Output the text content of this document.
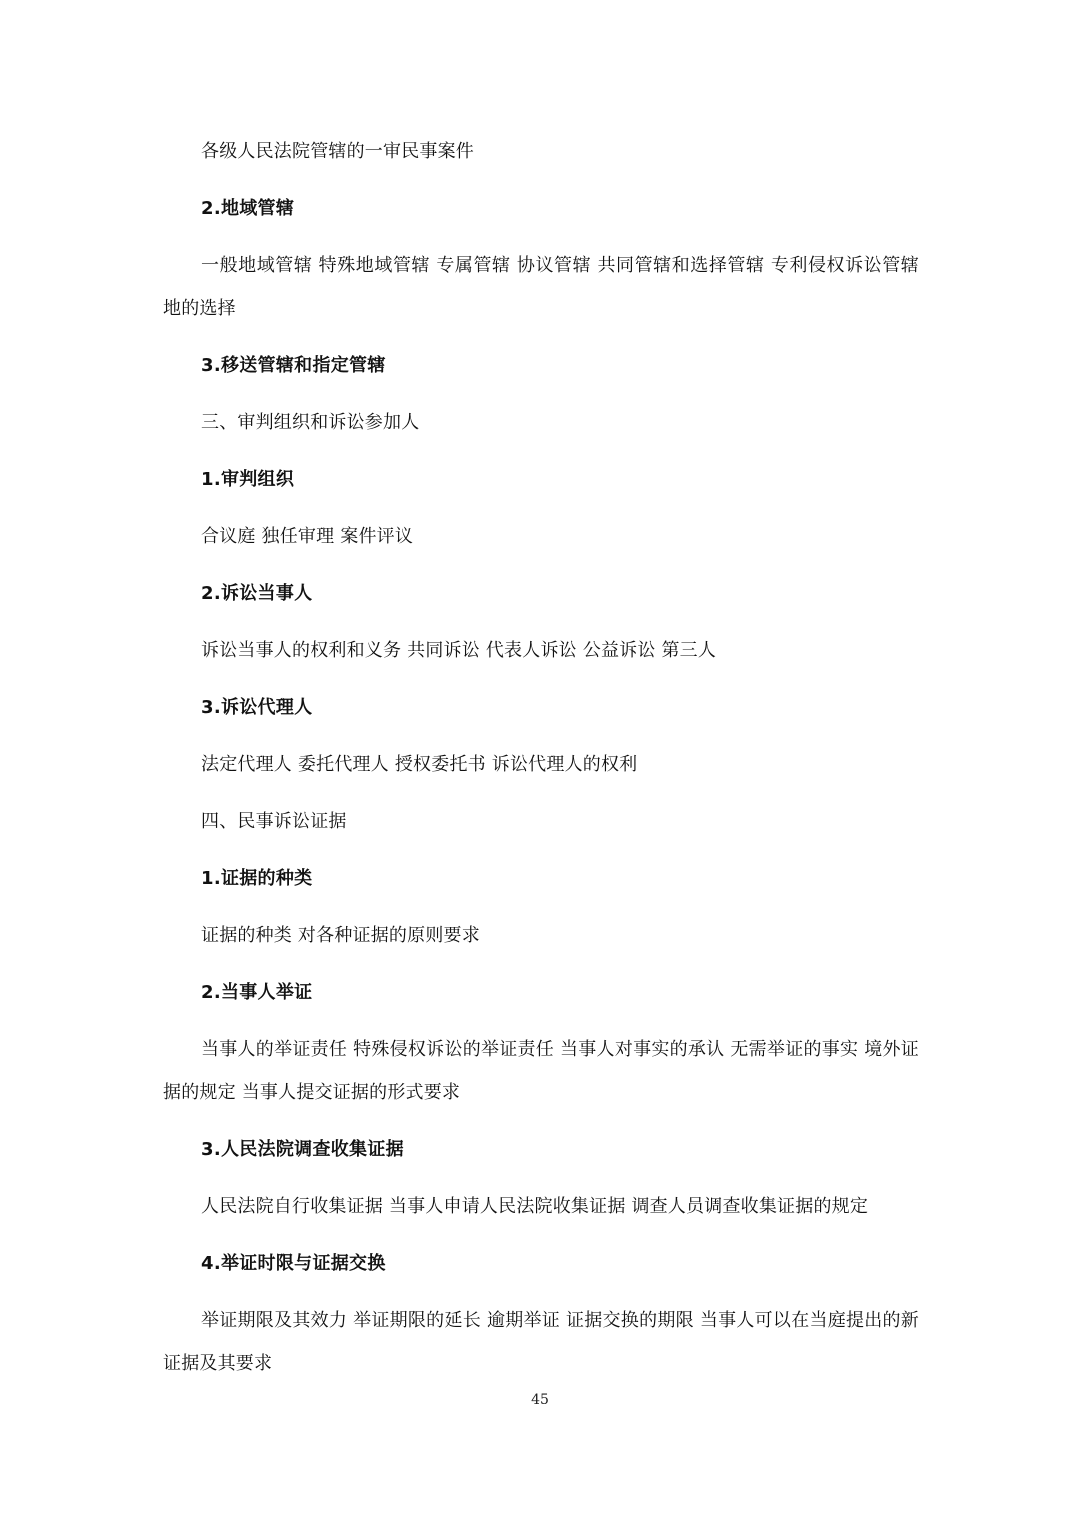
各级人民法院管辖的一审民事案件

2.地域管辖

一般地域管辖 特殊地域管辖 专属管辖 协议管辖 共同管辖和选择管辖 专利侵权诉讼管辖地的选择

3.移送管辖和指定管辖

三、审判组织和诉讼参加人

1.审判组织

合议庭 独任审理 案件评议

2.诉讼当事人

诉讼当事人的权利和义务 共同诉讼 代表人诉讼 公益诉讼 第三人

3.诉讼代理人

法定代理人 委托代理人 授权委托书 诉讼代理人的权利

四、民事诉讼证据

1.证据的种类

证据的种类 对各种证据的原则要求

2.当事人举证

当事人的举证责任 特殊侵权诉讼的举证责任 当事人对事实的承认 无需举证的事实 境外证据的规定 当事人提交证据的形式要求

3.人民法院调查收集证据

人民法院自行收集证据 当事人申请人民法院收集证据 调查人员调查收集证据的规定

4.举证时限与证据交换

举证期限及其效力 举证期限的延长 逾期举证 证据交换的期限 当事人可以在当庭提出的新证据及其要求

45
